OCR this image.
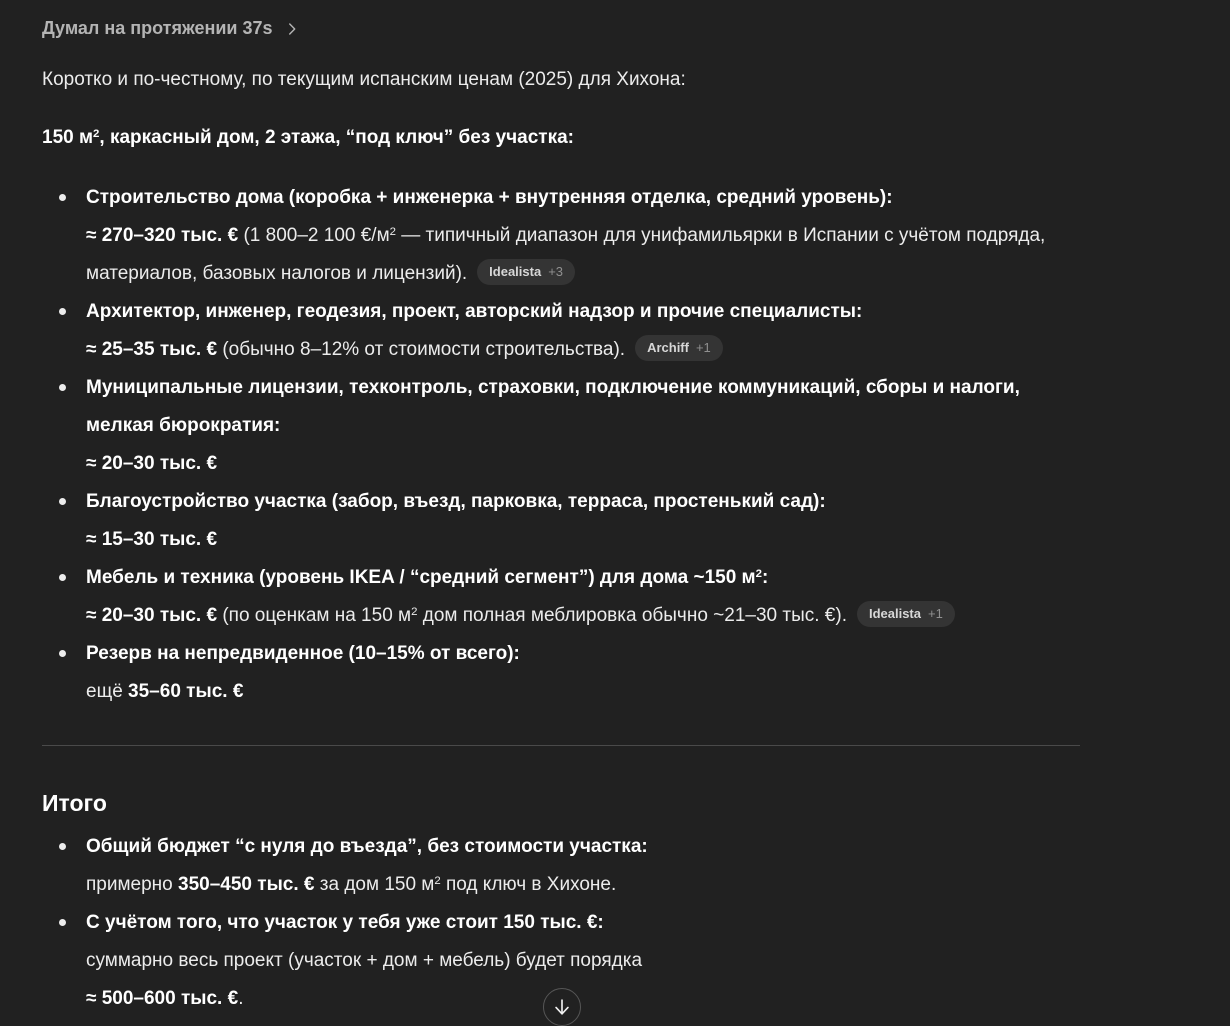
Думал на протяжении 37s

Коротко и по-честному, по текущим испанским ценам (2025) для Хихона:

150 $м^2$, каркасный дом, 2 этажа, “под ключ” без участка:

Строительство дома (коробка + инженерка + внутренняя отделка, средний уровень):
≈ 270–320 тыс. € (1 800–2 100 $€/м^2$ — типичный диапазон для унифамильярки в Испании с учётом подряда, материалов, базовых налогов и лицензий). Idealista +3
Архитектор, инженер, геодезия, проект, авторский надзор и прочие специалисты:
≈ 25–35 тыс. € (обычно 8–12% от стоимости строительства). Archiff +1
Муниципальные лицензии, техконтроль, страховки, подключение коммуникаций, сборы и налоги, мелкая бюрократия:
≈ 20–30 тыс. €
Благоустройство участка (забор, въезд, парковка, терраса, простенький сад):
≈ 15–30 тыс. €
Мебель и техника (уровень IKEA / “средний сегмент”) для дома ~150 $м^2$:
≈ 20–30 тыс. € (по оценкам на 150 $м^2$ дом полная меблировка обычно ~21–30 тыс. €). Idealista +1
Резерв на непредвиденное (10–15% от всего):
ещё 35–60 тыс. €
Итого
Общий бюджет “с нуля до въезда”, без стоимости участка:
примерно 350–450 тыс. € за дом 150 $м^2$ под ключ в Хихоне.
С учётом того, что участок у тебя уже стоит 150 тыс. €:
суммарно весь проект (участок + дом + мебель) будет порядка
≈ 500–600 тыс. €.
